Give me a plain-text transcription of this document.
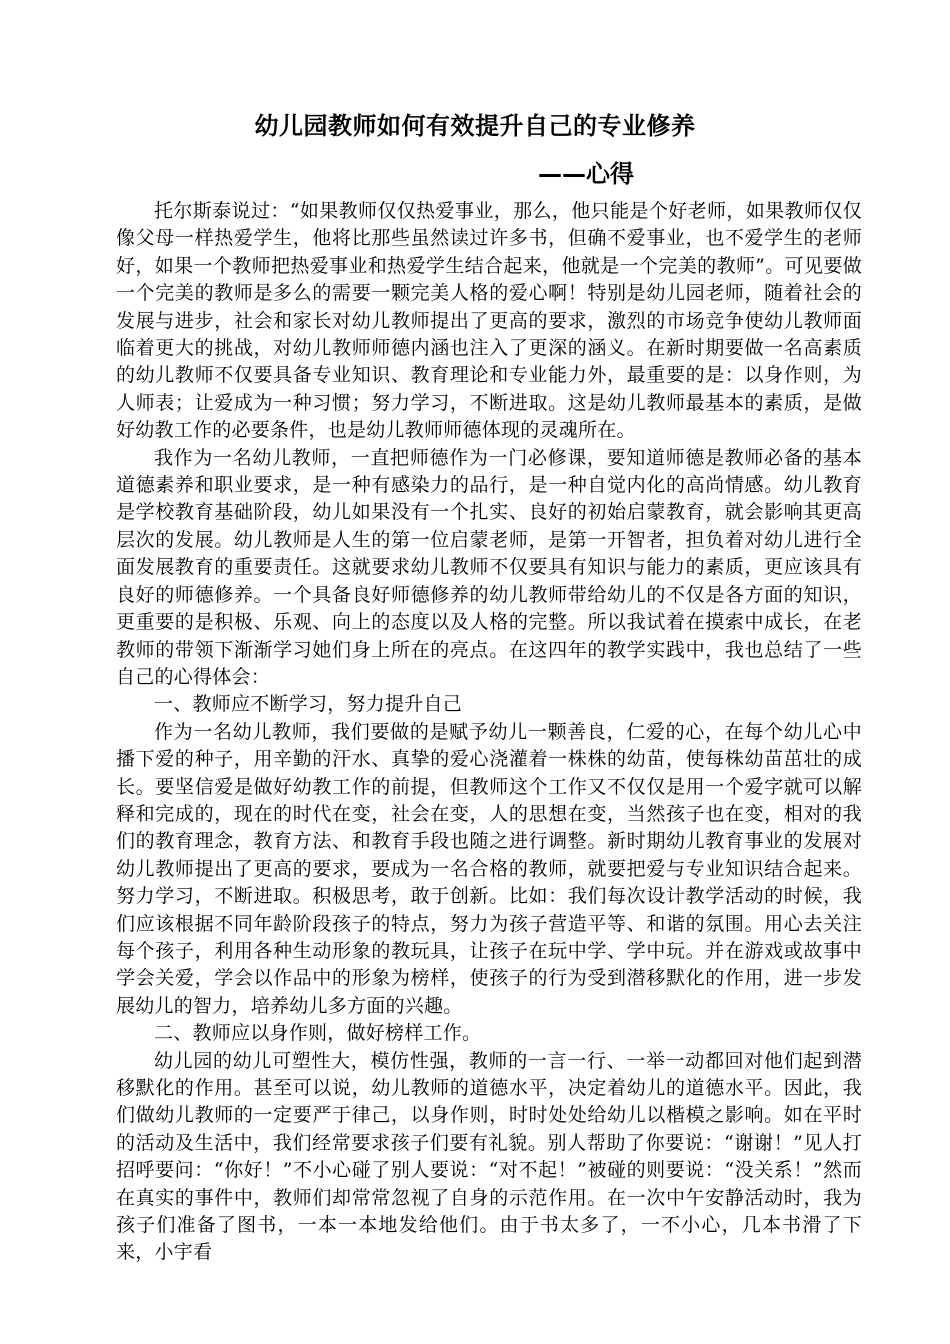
幼儿园教师如何有效提升自己的专业修养
——心得

托尔斯泰说过：“如果教师仅仅热爱事业，那么，他只能是个好老师，如果教师仅仅像父母一样热爱学生，他将比那些虽然读过许多书，但确不爱事业，也不爱学生的老师好，如果一个教师把热爱事业和热爱学生结合起来，他就是一个完美的教师”。可见要做一个完美的教师是多么的需要一颗完美人格的爱心啊！特别是幼儿园老师，随着社会的发展与进步，社会和家长对幼儿教师提出了更高的要求，激烈的市场竞争使幼儿教师面临着更大的挑战，对幼儿教师师德内涵也注入了更深的涵义。在新时期要做一名高素质的幼儿教师不仅要具备专业知识、教育理论和专业能力外，最重要的是：以身作则，为人师表；让爱成为一种习惯；努力学习，不断进取。这是幼儿教师最基本的素质，是做好幼教工作的必要条件，也是幼儿教师师德体现的灵魂所在。

我作为一名幼儿教师，一直把师德作为一门必修课，要知道师德是教师必备的基本道德素养和职业要求，是一种有感染力的品行，是一种自觉内化的高尚情感。幼儿教育是学校教育基础阶段，幼儿如果没有一个扎实、良好的初始启蒙教育，就会影响其更高层次的发展。幼儿教师是人生的第一位启蒙老师，是第一开智者，担负着对幼儿进行全面发展教育的重要责任。这就要求幼儿教师不仅要具有知识与能力的素质，更应该具有良好的师德修养。一个具备良好师德修养的幼儿教师带给幼儿的不仅是各方面的知识，更重要的是积极、乐观、向上的态度以及人格的完整。所以我试着在摸索中成长，在老教师的带领下渐渐学习她们身上所在的亮点。在这四年的教学实践中，我也总结了一些自己的心得体会：

一、教师应不断学习，努力提升自己

作为一名幼儿教师，我们要做的是赋予幼儿一颗善良，仁爱的心，在每个幼儿心中播下爱的种子，用辛勤的汗水、真挚的爱心浇灌着一株株的幼苗，使每株幼苗茁壮的成长。要坚信爱是做好幼教工作的前提，但教师这个工作又不仅仅是用一个爱字就可以解释和完成的，现在的时代在变，社会在变，人的思想在变，当然孩子也在变，相对的我们的教育理念，教育方法、和教育手段也随之进行调整。新时期幼儿教育事业的发展对幼儿教师提出了更高的要求，要成为一名合格的教师，就要把爱与专业知识结合起来。努力学习，不断进取。积极思考，敢于创新。比如：我们每次设计教学活动的时候，我们应该根据不同年龄阶段孩子的特点，努力为孩子营造平等、和谐的氛围。用心去关注每个孩子，利用各种生动形象的教玩具，让孩子在玩中学、学中玩。并在游戏或故事中学会关爱，学会以作品中的形象为榜样，使孩子的行为受到潜移默化的作用，进一步发展幼儿的智力，培养幼儿多方面的兴趣。

二、教师应以身作则，做好榜样工作。

幼儿园的幼儿可塑性大，模仿性强，教师的一言一行、一举一动都回对他们起到潜移默化的作用。甚至可以说，幼儿教师的道德水平，决定着幼儿的道德水平。因此，我们做幼儿教师的一定要严于律己，以身作则，时时处处给幼儿以楷模之影响。如在平时的活动及生活中，我们经常要求孩子们要有礼貌。别人帮助了你要说：“谢谢！”见人打招呼要问：“你好！”不小心碰了别人要说：“对不起！”被碰的则要说：“没关系！”然而在真实的事件中，教师们却常常忽视了自身的示范作用。在一次中午安静活动时，我为孩子们准备了图书，一本一本地发给他们。由于书太多了，一不小心，几本书滑了下来，小宇看
